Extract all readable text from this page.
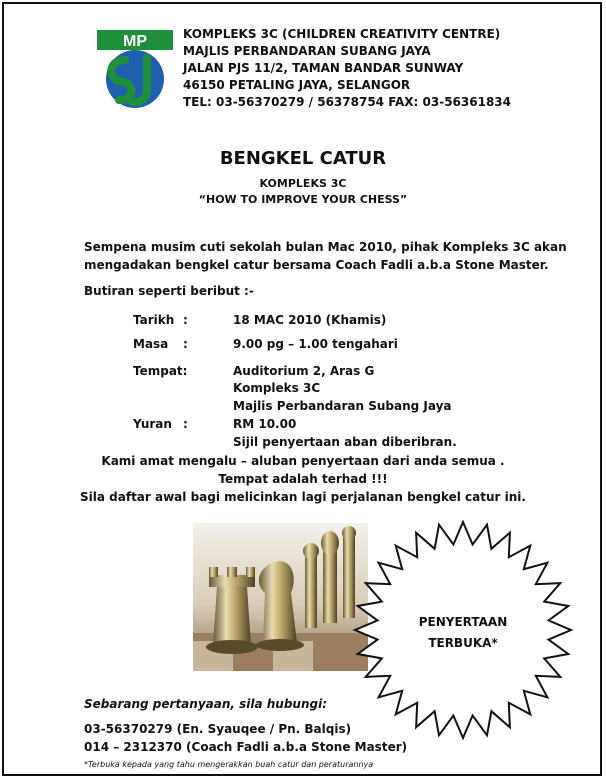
MP	KOMPLEKS 3C (CHILDREN CREATIVITY CENTRE)
MAJLIS PERBANDARAN SUBANG JAYA
JALAN PJS 11/2, TAMAN BANDAR SUNWAY
46150 PETALING JAYA, SELANGOR
TEL: 03-56370279 / 56378754 FAX: 03-56361834
BENGKEL CATUR
KOMPLEKS 3C
“HOW TO IMPROVE YOUR CHESS”
Sempena musim cuti sekolah bulan Mac 2010, pihak Kompleks 3C akan
mengadakan bengkel catur bersama Coach Fadli a.b.a Stone Master.
Butiran seperti beribut :-
Tarikh :	18 MAC 2010 (Khamis)
Masa :	9.00 pg – 1.00 tengahari
Tempat:	Auditorium 2, Aras G
Kompleks 3C
Majlis Perbandaran Subang Jaya
Yuran :	RM 10.00
Sijil penyertaan aban diberibran.
Kami amat mengalu – aluban penyertaan dari anda semua .
Tempat adalah terhad !!!
Sila daftar awal bagi melicinkan lagi perjalanan bengkel catur ini.
PENYERTAAN
TERBUKA*
Sebarang pertanyaan, sila hubungi:
03-56370279 (En. Syauqee / Pn. Balqis)
014 – 2312370 (Coach Fadli a.b.a Stone Master)
*Terbuka kepada yang tahu mengerakkan buah catur dan peraturannya
